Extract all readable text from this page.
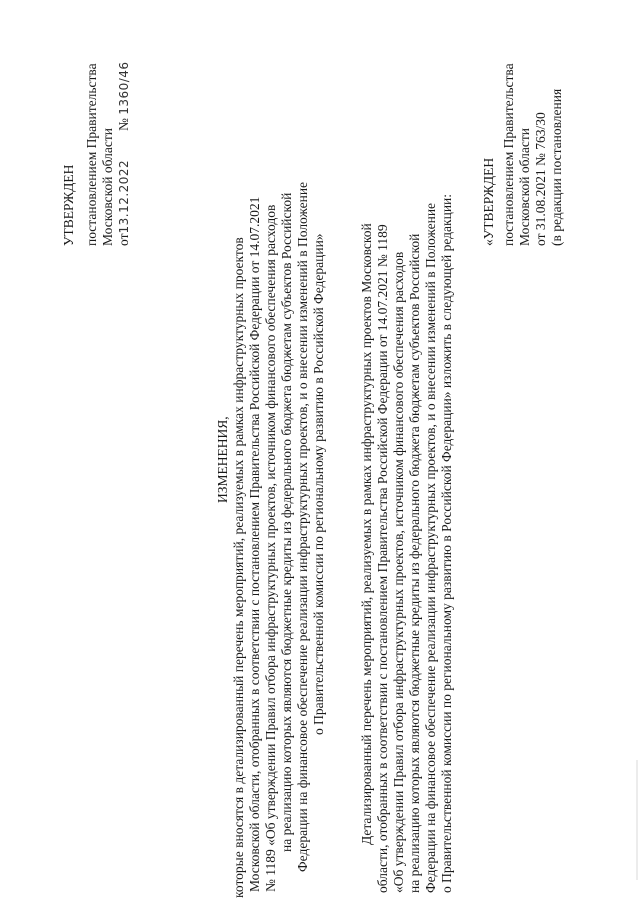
УТВЕРЖДЕН постановлением Правительства Московской области от13.12.2022  № 1360/46
ИЗМЕНЕНИЯ, которые вносятся в детализированный перечень мероприятий, реализуемых в рамках инфраструктурных проектов Московской области, отобранных в соответствии с постановлением Правительства Российской Федерации от 14.07.2021 № 1189 «Об утверждении Правил отбора инфраструктурных проектов, источником финансового обеспечения расходов на реализацию которых являются бюджетные кредиты из федерального бюджета бюджетам субъектов Российской Федерации на финансовое обеспечение реализации инфраструктурных проектов, и о внесении изменений в Положение о Правительственной комиссии по региональному развитию в Российской Федерации» Детализированный перечень мероприятий, реализуемых в рамках инфраструктурных проектов Московской области, отобранных в соответствии с постановлением Правительства Российской Федерации от 14.07.2021 № 1189 «Об утверждении Правил отбора инфраструктурных проектов, источником финансового обеспечения расходов на реализацию которых являются бюджетные кредиты из федерального бюджета бюджетам субъектов Российской Федерации на финансовое обеспечение реализации инфраструктурных проектов, и о внесении изменений в Положение о Правительственной комиссии по региональному развитию в Российской Федерации» изложить в следующей редакции: «УТВЕРЖДЕН постановлением Правительства Московской области от 31.08.2021 № 763/30 (в редакции постановления
